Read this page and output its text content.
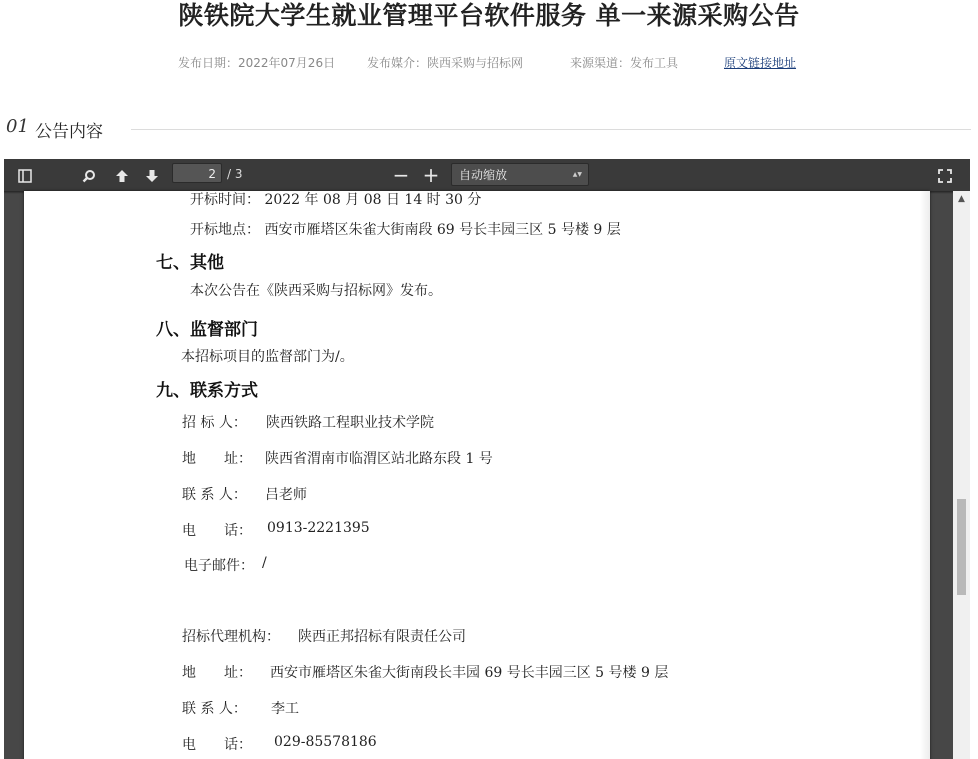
陕铁院大学生就业管理平台软件服务 单一来源采购公告
发布日期：2022年07月26日	发布媒介：陕西采购与招标网	来源渠道：发布工具	原文链接地址
01 公告内容
2 / 3	− +	自动缩放	▲▼
开标时间： 2022 年 08 月 08 日 14 时 30 分
开标地点： 西安市雁塔区朱雀大街南段 69 号长丰园三区 5 号楼 9 层
七、其他
本次公告在《陕西采购与招标网》发布。
八、监督部门
本招标项目的监督部门为/。
九、联系方式
招 标 人： 陕西铁路工程职业技术学院
地　　址： 陕西省渭南市临渭区站北路东段 1 号
联 系 人： 吕老师
电　　话： 0913-2221395
电子邮件： /
招标代理机构： 陕西正邦招标有限责任公司
地　　址： 西安市雁塔区朱雀大街南段长丰园 69 号长丰园三区 5 号楼 9 层
联 系 人： 李工
电　　话： 029-85578186
▲
